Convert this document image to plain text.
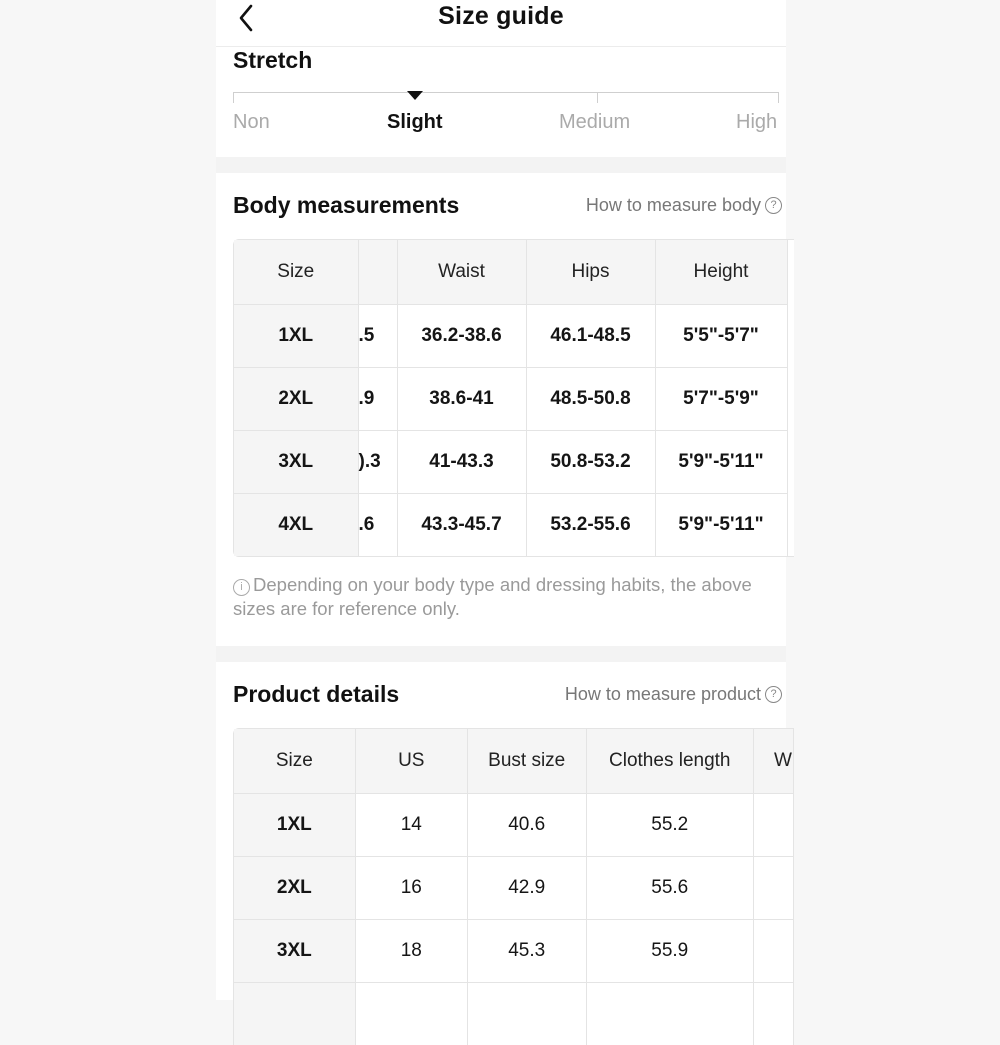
Size guide
Stretch
Non	Slight	Medium	High
Body measurements	How to measure body ?
Size		Waist	Hips	Height
1XL	.5	36.2-38.6	46.1-48.5	5'5"-5'7"
2XL	.9	38.6-41	48.5-50.8	5'7"-5'9"
3XL	).3	41-43.3	50.8-53.2	5'9"-5'11"
4XL	.6	43.3-45.7	53.2-55.6	5'9"-5'11"
i Depending on your body type and dressing habits, the above sizes are for reference only.
Product details	How to measure product ?
Size	US	Bust size	Clothes length	W
1XL	14	40.6	55.2	
2XL	16	42.9	55.6	
3XL	18	45.3	55.9	
